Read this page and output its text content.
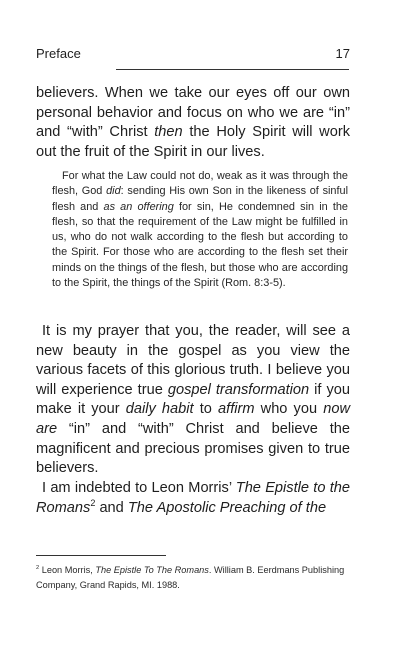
Preface	17

believers. When we take our eyes off our own personal behavior and focus on who we are “in” and “with” Christ then the Holy Spirit will work out the fruit of the Spirit in our lives.

For what the Law could not do, weak as it was through the flesh, God did: sending His own Son in the likeness of sinful flesh and as an offering for sin, He condemned sin in the flesh, so that the requirement of the Law might be fulfilled in us, who do not walk according to the flesh but according to the Spirit. For those who are according to the flesh set their minds on the things of the flesh, but those who are according to the Spirit, the things of the Spirit (Rom. 8:3-5).

It is my prayer that you, the reader, will see a new beauty in the gospel as you view the various facets of this glorious truth. I believe you will experience true gospel transformation if you make it your daily habit to affirm who you now are “in” and “with” Christ and believe the magnificent and precious promises given to true believers.

I am indebted to Leon Morris’ The Epistle to the Romans$^2$ and The Apostolic Preaching of the

$^2$ Leon Morris, The Epistle To The Romans. William B. Eerdmans Publishing Company, Grand Rapids, MI. 1988.
